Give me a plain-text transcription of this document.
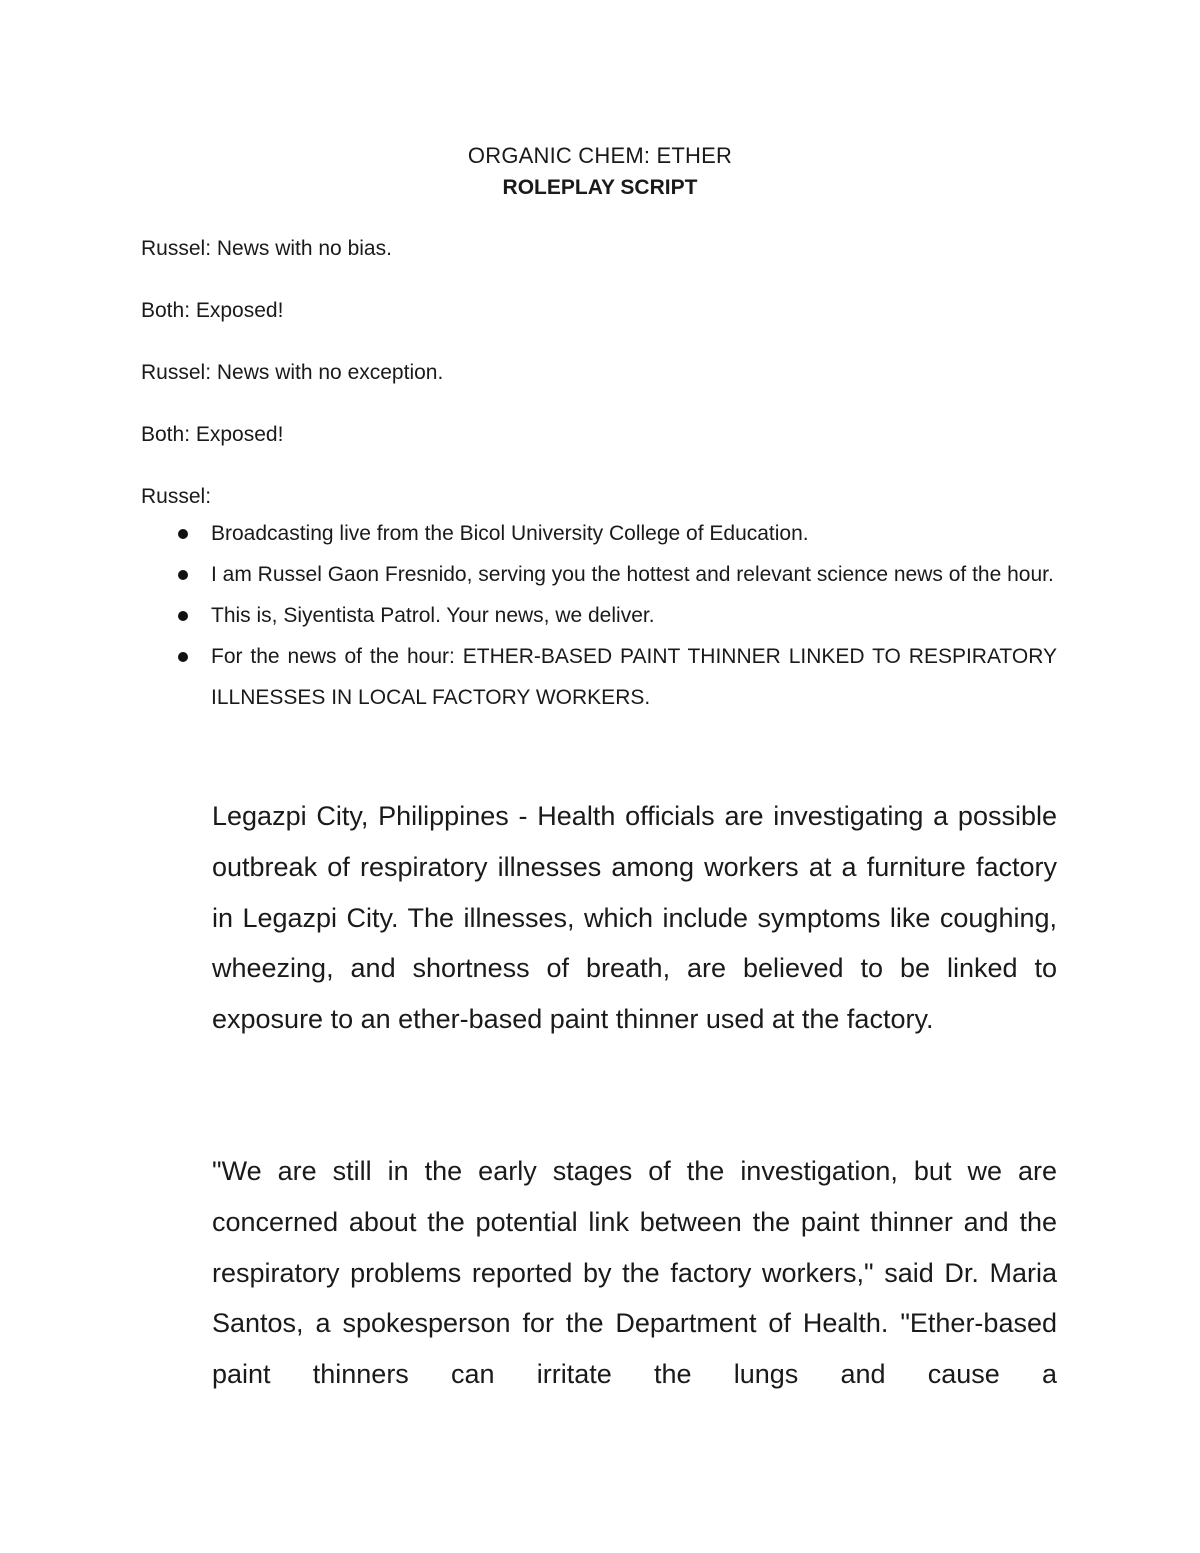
ORGANIC CHEM: ETHER
ROLEPLAY SCRIPT
Russel: News with no bias.
Both: Exposed!
Russel: News with no exception.
Both: Exposed!
Russel:
Broadcasting live from the Bicol University College of Education.
I am Russel Gaon Fresnido, serving you the hottest and relevant science news of the hour.
This is, Siyentista Patrol. Your news, we deliver.
For the news of the hour: ETHER-BASED PAINT THINNER LINKED TO RESPIRATORY ILLNESSES IN LOCAL FACTORY WORKERS.

Legazpi City, Philippines - Health officials are investigating a possible outbreak of respiratory illnesses among workers at a furniture factory in Legazpi City. The illnesses, which include symptoms like coughing, wheezing, and shortness of breath, are believed to be linked to exposure to an ether-based paint thinner used at the factory.

"We are still in the early stages of the investigation, but we are concerned about the potential link between the paint thinner and the respiratory problems reported by the factory workers," said Dr. Maria Santos, a spokesperson for the Department of Health. "Ether-based paint thinners can irritate the lungs and cause a
